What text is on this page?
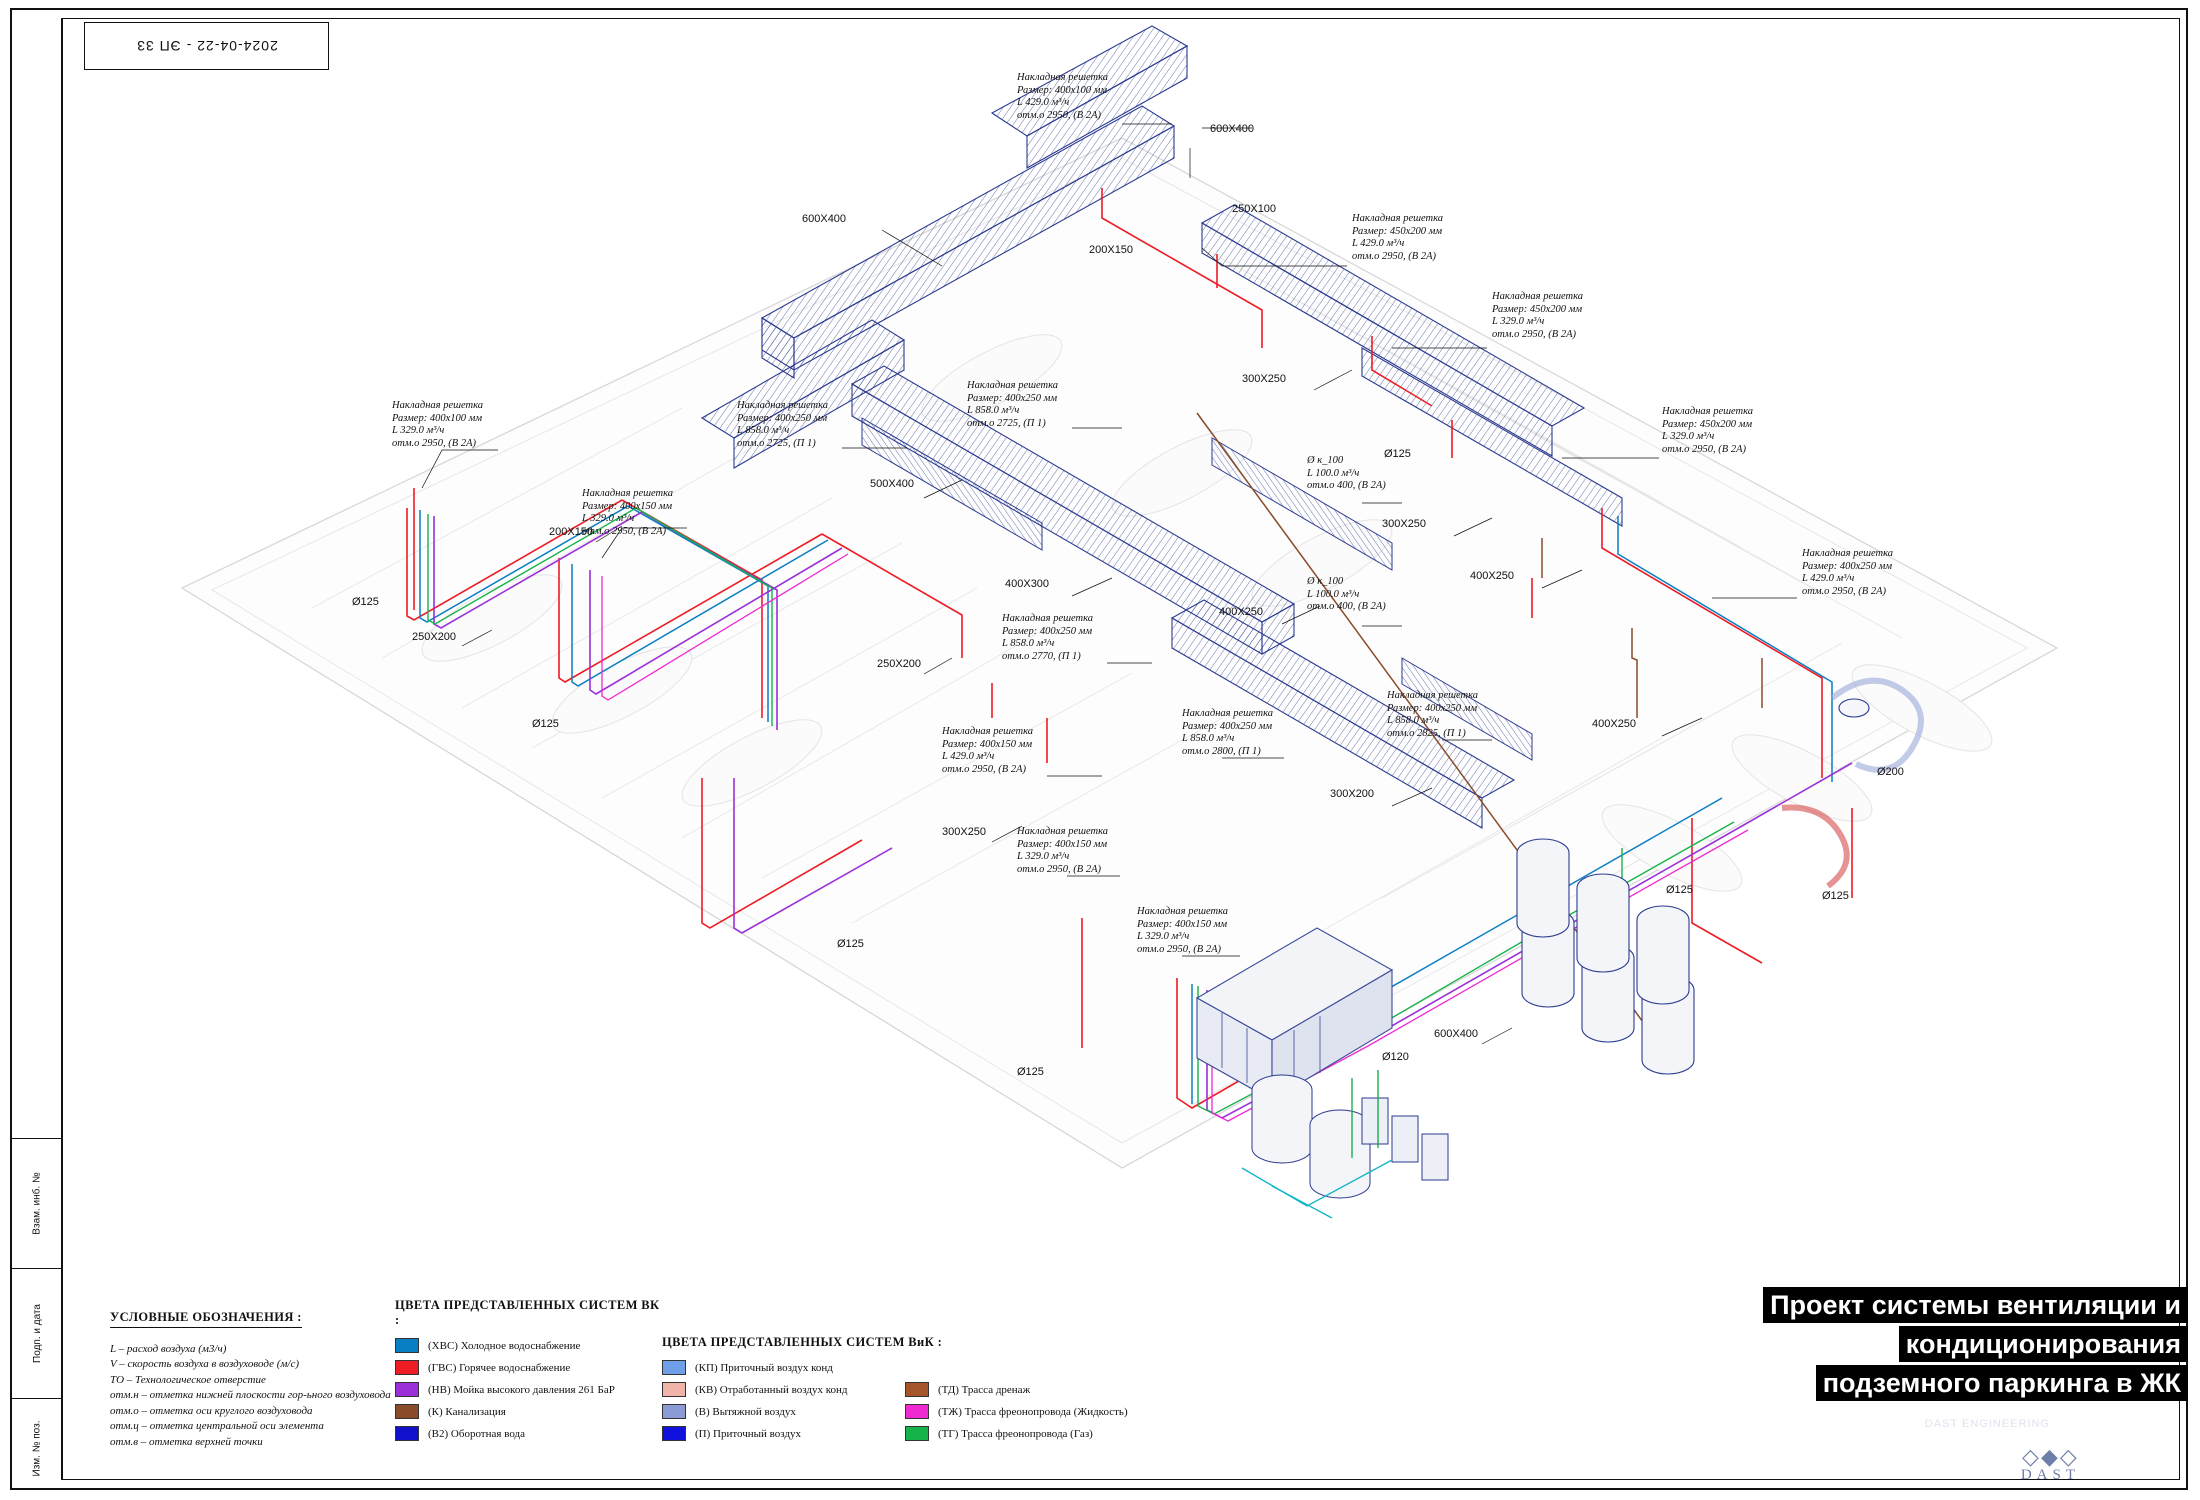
Взам. инб. №
Подп. и дата
Изм. № поз.
2024-04-22 - ЭП 33
Накладная решетка
Размер: 400х100 мм
L 429.0 м³/ч
отм.о 2950, (В 2А)
Накладная решетка
Размер: 450х200 мм
L 429.0 м³/ч
отм.о 2950, (В 2А)
Накладная решетка
Размер: 450х200 мм
L 329.0 м³/ч
отм.о 2950, (В 2А)
Накладная решетка
Размер: 450х200 мм
L 329.0 м³/ч
отм.о 2950, (В 2А)
Накладная решетка
Размер: 400х250 мм
L 429.0 м³/ч
отм.о 2950, (В 2А)
Накладная решетка
Размер: 400х100 мм
L 329.0 м³/ч
отм.о 2950, (В 2А)
Накладная решетка
Размер: 400х150 мм
L 329.0 м³/ч
отм.о 2950, (В 2А)
Накладная решетка
Размер: 400х250 мм
L 858.0 м³/ч
отм.о 2725, (П 1)
Накладная решетка
Размер: 400х250 мм
L 858.0 м³/ч
отм.о 2725, (П 1)
Накладная решетка
Размер: 400х250 мм
L 858.0 м³/ч
отм.о 2770, (П 1)
Накладная решетка
Размер: 400х150 мм
L 429.0 м³/ч
отм.о 2950, (В 2А)
Накладная решетка
Размер: 400х250 мм
L 858.0 м³/ч
отм.о 2800, (П 1)
Накладная решетка
Размер: 400х250 мм
L 858.0 м³/ч
отм.о 2825, (П 1)
Накладная решетка
Размер: 400х150 мм
L 329.0 м³/ч
отм.о 2950, (В 2А)
Накладная решетка
Размер: 400х150 мм
L 329.0 м³/ч
отм.о 2950, (В 2А)
Ø к_100
L 100.0 м³/ч
отм.о 400, (В 2А)
Ø к_100
L 100.0 м³/ч
отм.о 400, (В 2А)
600Х400
250Х100
200Х150
600Х400
500Х400
300Х250
300Х250
400Х250
400Х250
400Х300
400Х250
300Х200
200Х150
250Х200
250Х200
300Х250
600Х400
Ø200
Ø125	Ø125
Ø120
Ø125
Ø125
Ø125
Ø125
Ø125
УСЛОВНЫЕ ОБОЗНАЧЕНИЯ :
L – расход воздуха (м3/ч)
V – скорость воздуха в воздуховоде (м/с)
ТО – Технологическое отверстие
отм.н – отметка нижней плоскости гор-ьного воздуховода
отм.о – отметка оси круглого воздуховода
отм.ц – отметка центральной оси элемента
отм.в – отметка верхней точки
ЦВЕТА ПРЕДСТАВЛЕННЫХ СИСТЕМ ВК :
(ХВС) Холодное водоснабжение
(ГВС) Горячее водоснабжение
(НВ) Мойка высокого давления 261 БаР
(К) Канализация
(В2) Оборотная вода
ЦВЕТА ПРЕДСТАВЛЕННЫХ СИСТЕМ ВиК :
(КП) Приточный воздух конд
(КВ) Отработанный воздух конд
(В) Вытяжной воздух
(П) Приточный воздух
(ТД) Трасса дренаж
(ТЖ) Трасса фреонопровода (Жидкость)
(ТГ) Трасса фреонопровода (Газ)
Проект системы вентиляции и
кондиционирования
подземного паркинга в ЖК
DAST ENGINEERING
◇◆◇
DAST
